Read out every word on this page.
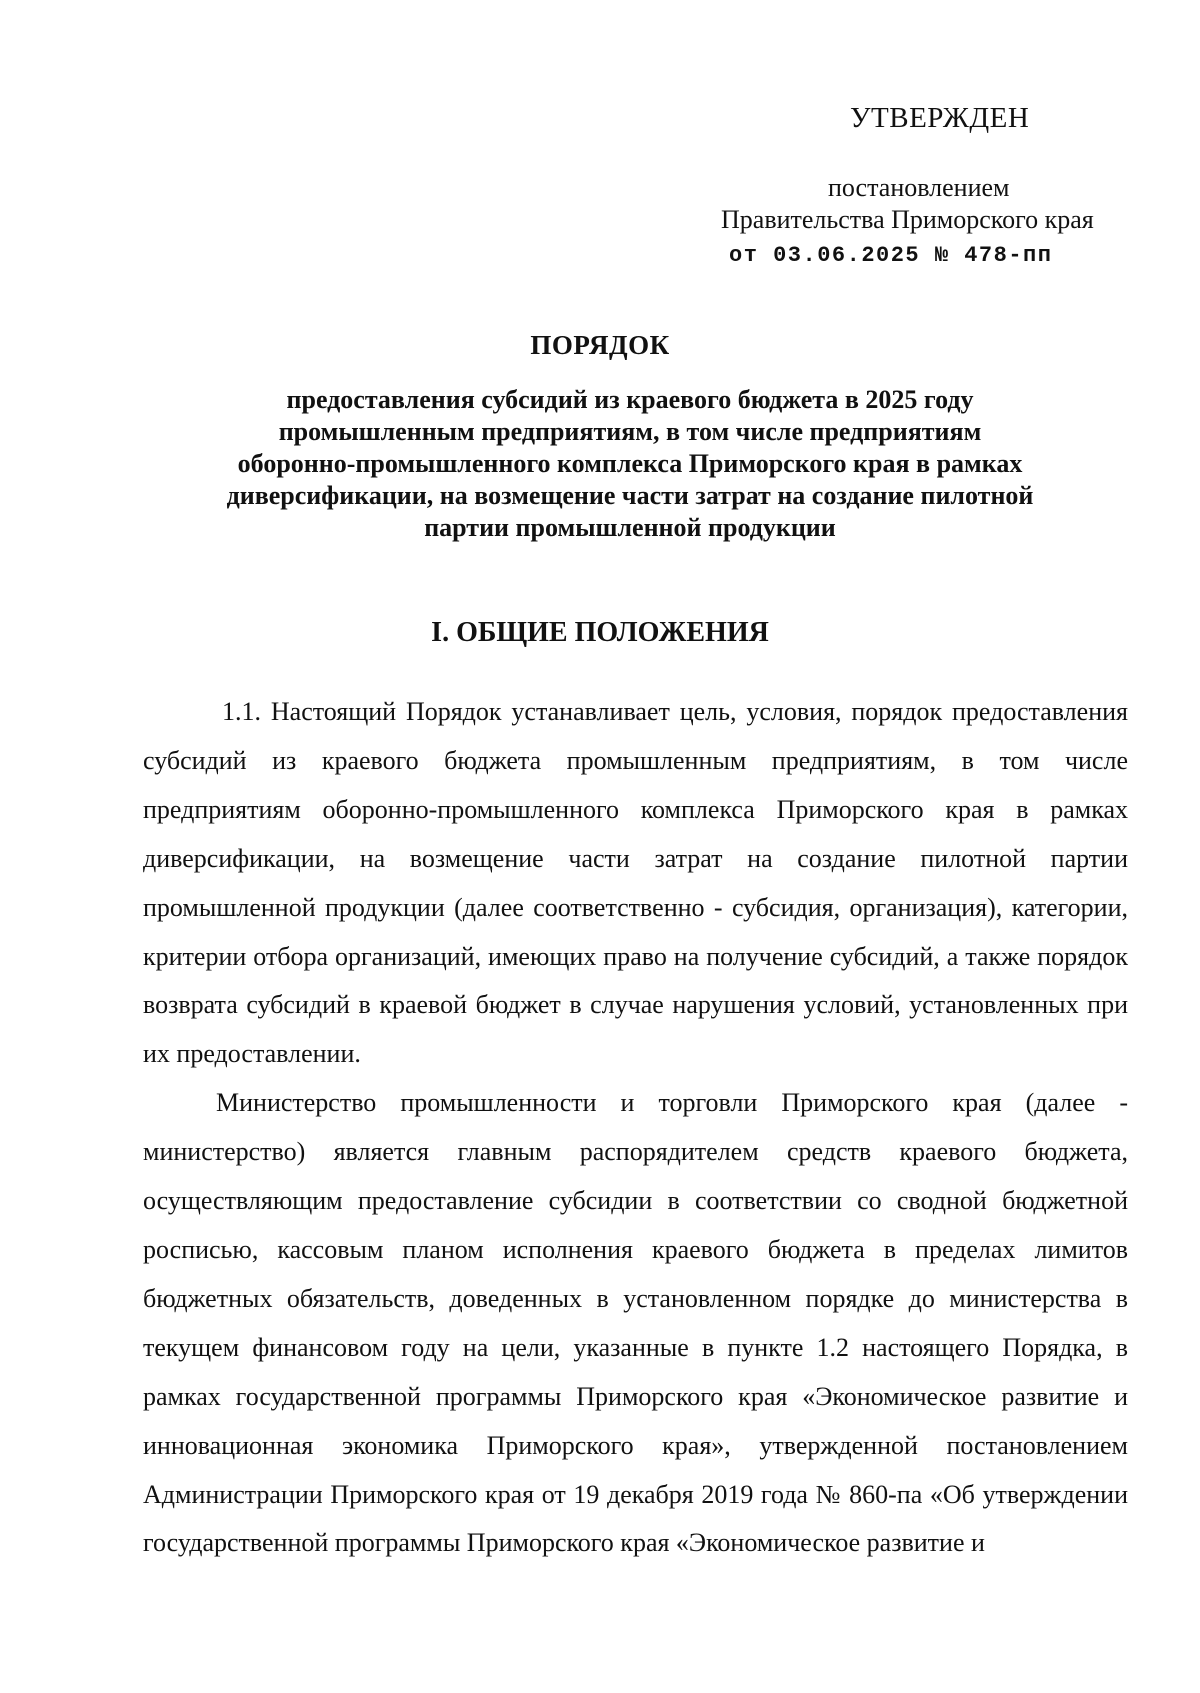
УТВЕРЖДЕН
постановлением
Правительства Приморского края
от 03.06.2025 № 478-пп
ПОРЯДОК
предоставления субсидий из краевого бюджета в 2025 году
промышленным предприятиям, в том числе предприятиям
оборонно-промышленного комплекса Приморского края в рамках
диверсификации, на возмещение части затрат на создание пилотной
партии промышленной продукции
I. ОБЩИЕ ПОЛОЖЕНИЯ

1.1. Настоящий Порядок устанавливает цель, условия, порядок предоставления субсидий из краевого бюджета промышленным предприятиям, в том числе предприятиям оборонно-промышленного комплекса Приморского края в рамках диверсификации, на возмещение части затрат на создание пилотной партии промышленной продукции (далее соответственно - субсидия, организация), категории, критерии отбора организаций, имеющих право на получение субсидий, а также порядок возврата субсидий в краевой бюджет в случае нарушения условий, установленных при их предоставлении.

Министерство промышленности и торговли Приморского края (далее - министерство) является главным распорядителем средств краевого бюджета, осуществляющим предоставление субсидии в соответствии со сводной бюджетной росписью, кассовым планом исполнения краевого бюджета в пределах лимитов бюджетных обязательств, доведенных в установленном порядке до министерства в текущем финансовом году на цели, указанные в пункте 1.2 настоящего Порядка, в рамках государственной программы Приморского края «Экономическое развитие и инновационная экономика Приморского края», утвержденной постановлением Администрации Приморского края от 19 декабря 2019 года № 860-па «Об утверждении государственной программы Приморского края «Экономическое развитие и
